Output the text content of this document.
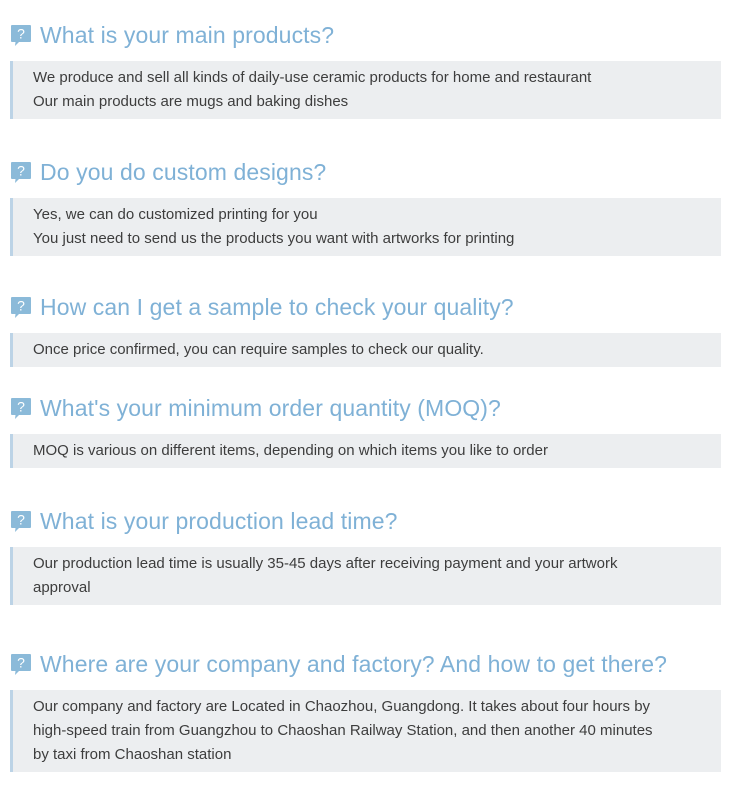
? What is your main products?
We produce and sell all kinds of daily-use ceramic products for home and restaurant
Our main products are mugs and baking dishes
? Do you do custom designs?
Yes, we can do customized printing for you
You just need to send us the products you want with artworks for printing
? How can I get a sample to check your quality?
Once price confirmed, you can require samples to check our quality.
? What's your minimum order quantity (MOQ)?
MOQ is various on different items, depending on which items you like to order
? What is your production lead time?
Our production lead time is usually 35-45 days after receiving payment and your artwork
approval
? Where are your company and factory? And how to get there?
Our company and factory are Located in Chaozhou, Guangdong. It takes about four hours by
high-speed train from Guangzhou to Chaoshan Railway Station, and then another 40 minutes
by taxi from Chaoshan station
